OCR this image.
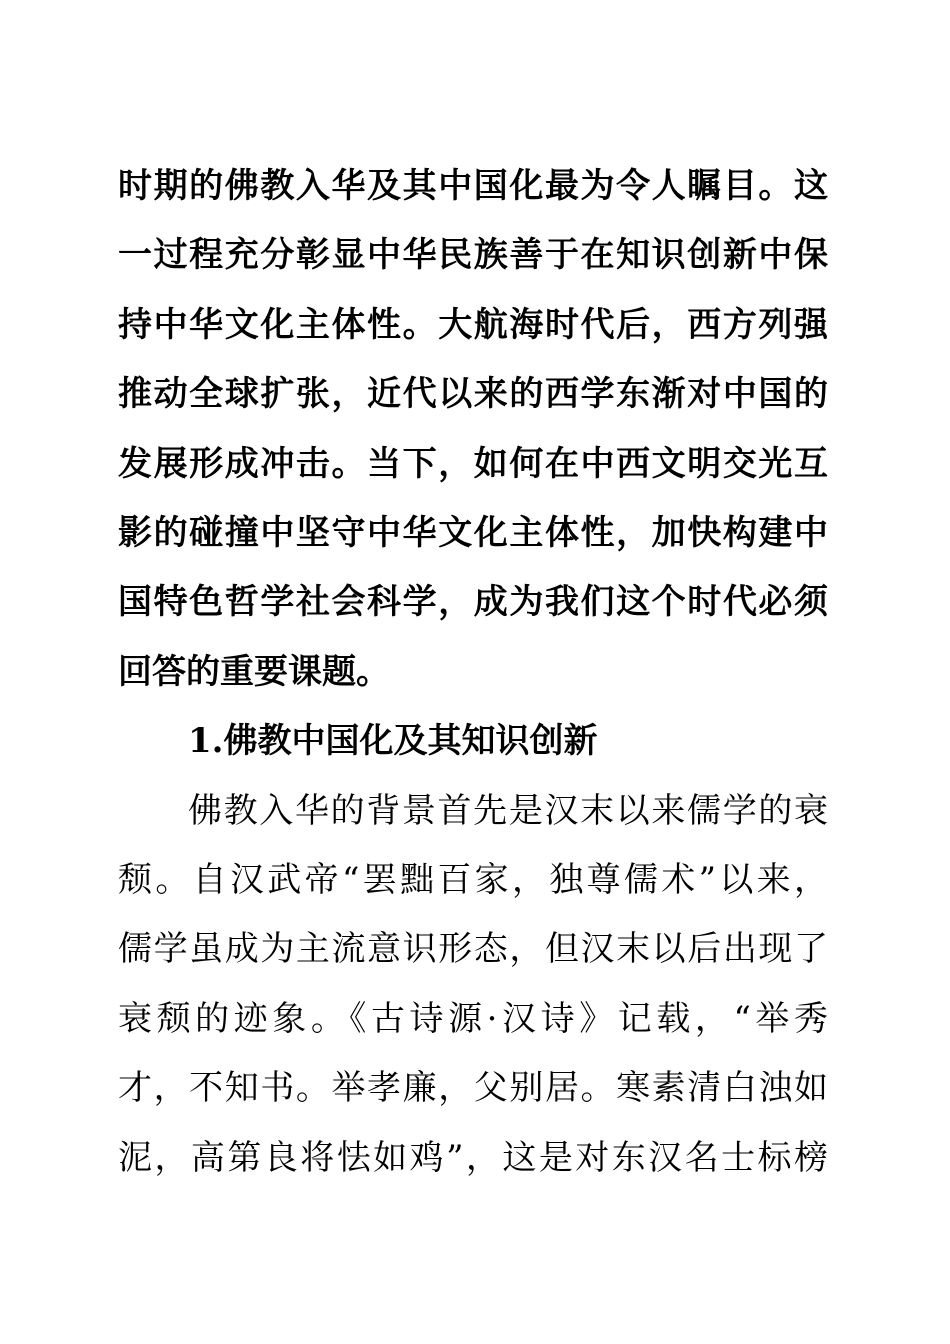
时期的佛教入华及其中国化最为令人瞩目。这
一过程充分彰显中华民族善于在知识创新中保
持中华文化主体性。大航海时代后，西方列强
推动全球扩张，近代以来的西学东渐对中国的
发展形成冲击。当下，如何在中西文明交光互
影的碰撞中坚守中华文化主体性，加快构建中
国特色哲学社会科学，成为我们这个时代必须
回答的重要课题。
1.佛教中国化及其知识创新
佛教入华的背景首先是汉末以来儒学的衰
颓。自汉武帝“罢黜百家，独尊儒术”以来，
儒学虽成为主流意识形态，但汉末以后出现了
衰颓的迹象。《古诗源·汉诗》记载，“举秀
才，不知书。举孝廉，父别居。寒素清白浊如
泥，高第良将怯如鸡”，这是对东汉名士标榜
